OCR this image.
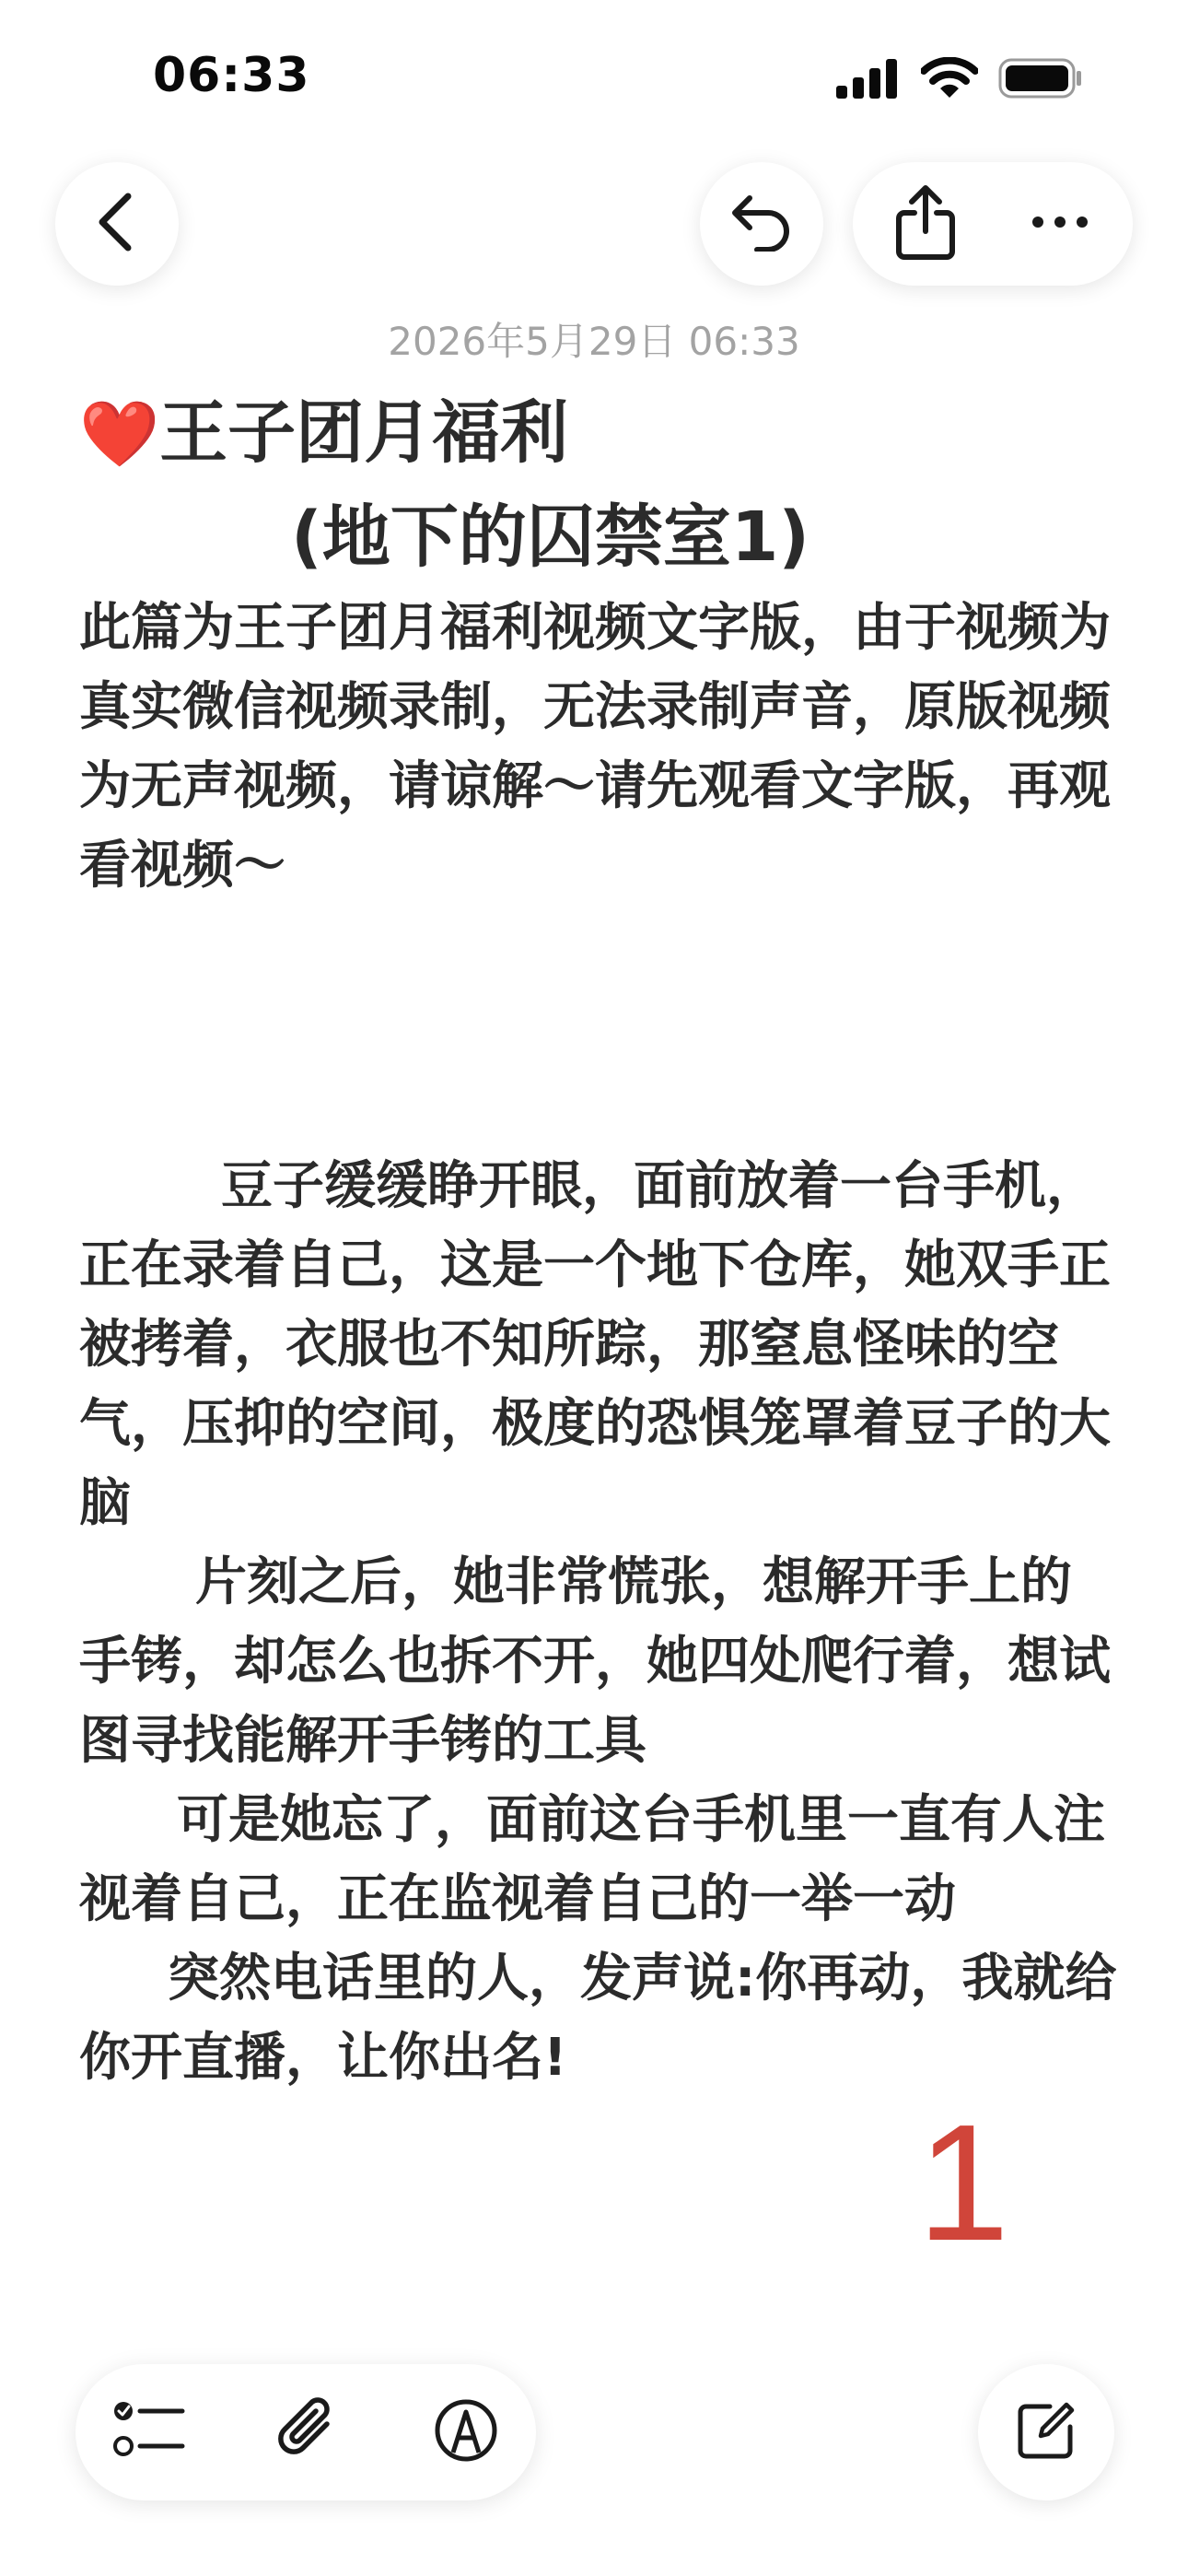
06:33
2026年5月29日 06:33
❤️王子团月福利
(地下的囚禁室1)

此篇为王子团月福利视频文字版，由于视频为真实微信视频录制，无法录制声音，原版视频为无声视频，请谅解～请先观看文字版，再观看视频～

豆子缓缓睁开眼，面前放着一台手机，正在录着自己，这是一个地下仓库，她双手正被拷着，衣服也不知所踪，那窒息怪味的空气，压抑的空间，极度的恐惧笼罩着豆子的大脑

片刻之后，她非常慌张，想解开手上的手铐，却怎么也拆不开，她四处爬行着，想试图寻找能解开手铐的工具

可是她忘了，面前这台手机里一直有人注视着自己，正在监视着自己的一举一动

突然电话里的人，发声说:你再动，我就给你开直播，让你出名!

1
